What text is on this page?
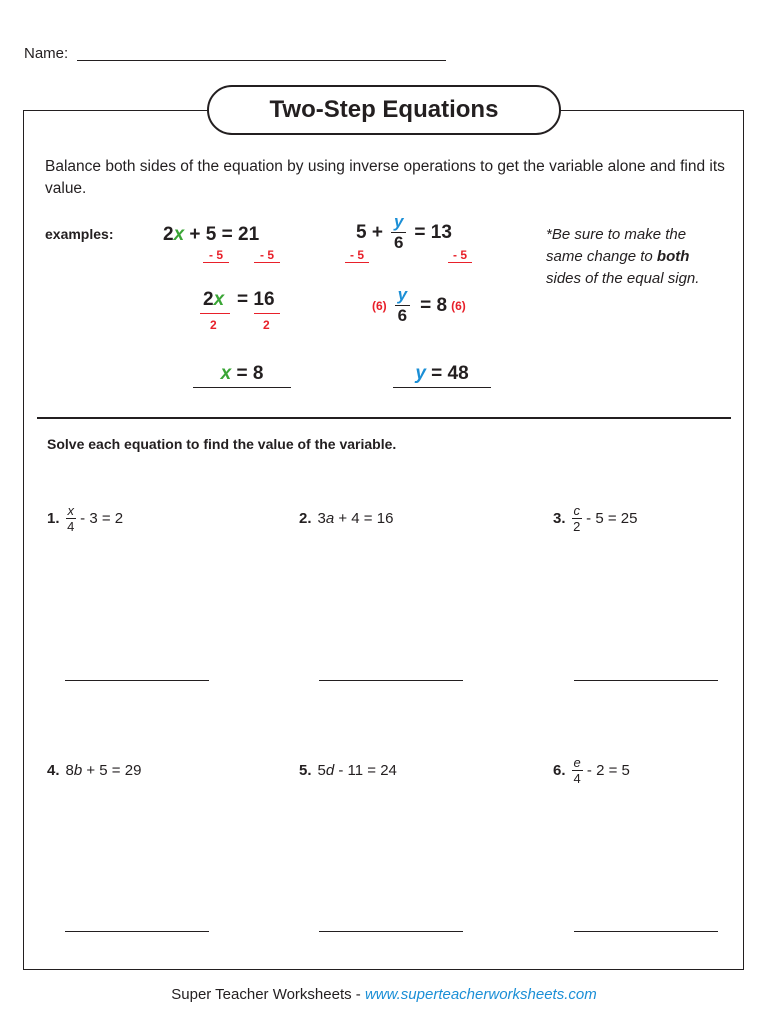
Name:
Two-Step Equations
Balance both sides of the equation by using inverse operations to get the variable alone and find its value.
examples:	2x + 5 = 21
- 5	- 5
2x = 16
2	2
x = 8
$5 + \frac{y}{6} = 13$
- 5	- 5
$(6) \frac{y}{6} = 8$ (6)
y = 48
*Be sure to make the same change to both sides of the equal sign.
Solve each equation to find the value of the variable.
1. $\frac{x}{4} - 3 = 2$	2. 3a + 4 = 16	3. $\frac{c}{2} - 5 = 25$
4. 8b + 5 = 29	5. 5d - 11 = 24	6. $\frac{e}{4} - 2 = 5$
Super Teacher Worksheets - www.superteacherworksheets.com
